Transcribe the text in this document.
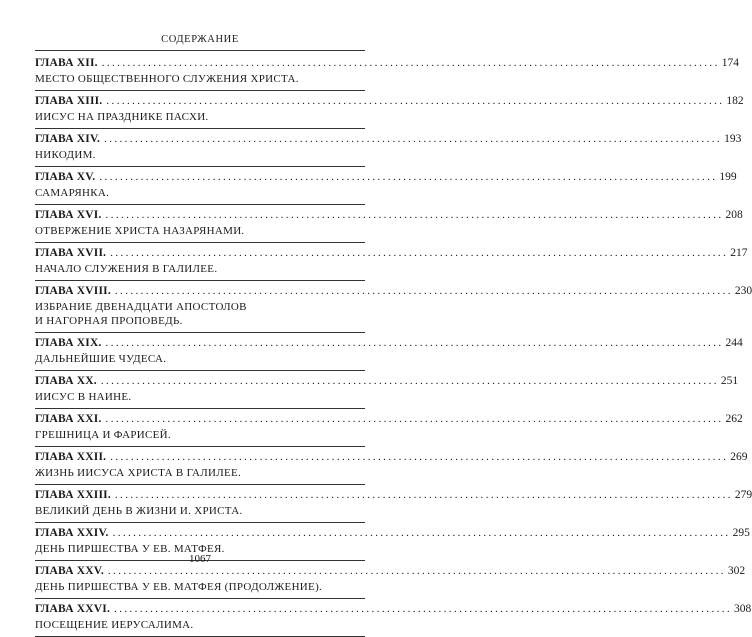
СОДЕРЖАНИЕ
ГЛАВА XII. ........................................................................................................................ 174
МЕСТО ОБЩЕСТВЕННОГО СЛУЖЕНИЯ ХРИСТА.
ГЛАВА XIII. ........................................................................................................................ 182
ИИСУС НА ПРАЗДНИКЕ ПАСХИ.
ГЛАВА XIV. ........................................................................................................................ 193
НИКОДИМ.
ГЛАВА XV. ........................................................................................................................ 199
САМАРЯНКА.
ГЛАВА XVI. ........................................................................................................................ 208
ОТВЕРЖЕНИЕ ХРИСТА НАЗАРЯНАМИ.
ГЛАВА XVII. ........................................................................................................................ 217
НАЧАЛО СЛУЖЕНИЯ В ГАЛИЛЕЕ.
ГЛАВА XVIII. ........................................................................................................................ 230
ИЗБРАНИЕ ДВЕНАДЦАТИ АПОСТОЛОВ
И НАГОРНАЯ ПРОПОВЕДЬ.
ГЛАВА XIX. ........................................................................................................................ 244
ДАЛЬНЕЙШИЕ ЧУДЕСА.
ГЛАВА XX. ........................................................................................................................ 251
ИИСУС В НАИНЕ.
ГЛАВА XXI. ........................................................................................................................ 262
ГРЕШНИЦА И ФАРИСЕЙ.
ГЛАВА XXII. ........................................................................................................................ 269
ЖИЗНЬ ИИСУСА ХРИСТА В ГАЛИЛЕЕ.
ГЛАВА XXIII. ........................................................................................................................ 279
ВЕЛИКИЙ ДЕНЬ В ЖИЗНИ И. ХРИСТА.
ГЛАВА XXIV. ........................................................................................................................ 295
ДЕНЬ ПИРШЕСТВА У ЕВ. МАТФЕЯ.
ГЛАВА XXV. ........................................................................................................................ 302
ДЕНЬ ПИРШЕСТВА У ЕВ. МАТФЕЯ (ПРОДОЛЖЕНИЕ).
ГЛАВА XXVI. ........................................................................................................................ 308
ПОСЕЩЕНИЕ ИЕРУСАЛИМА.
1067
